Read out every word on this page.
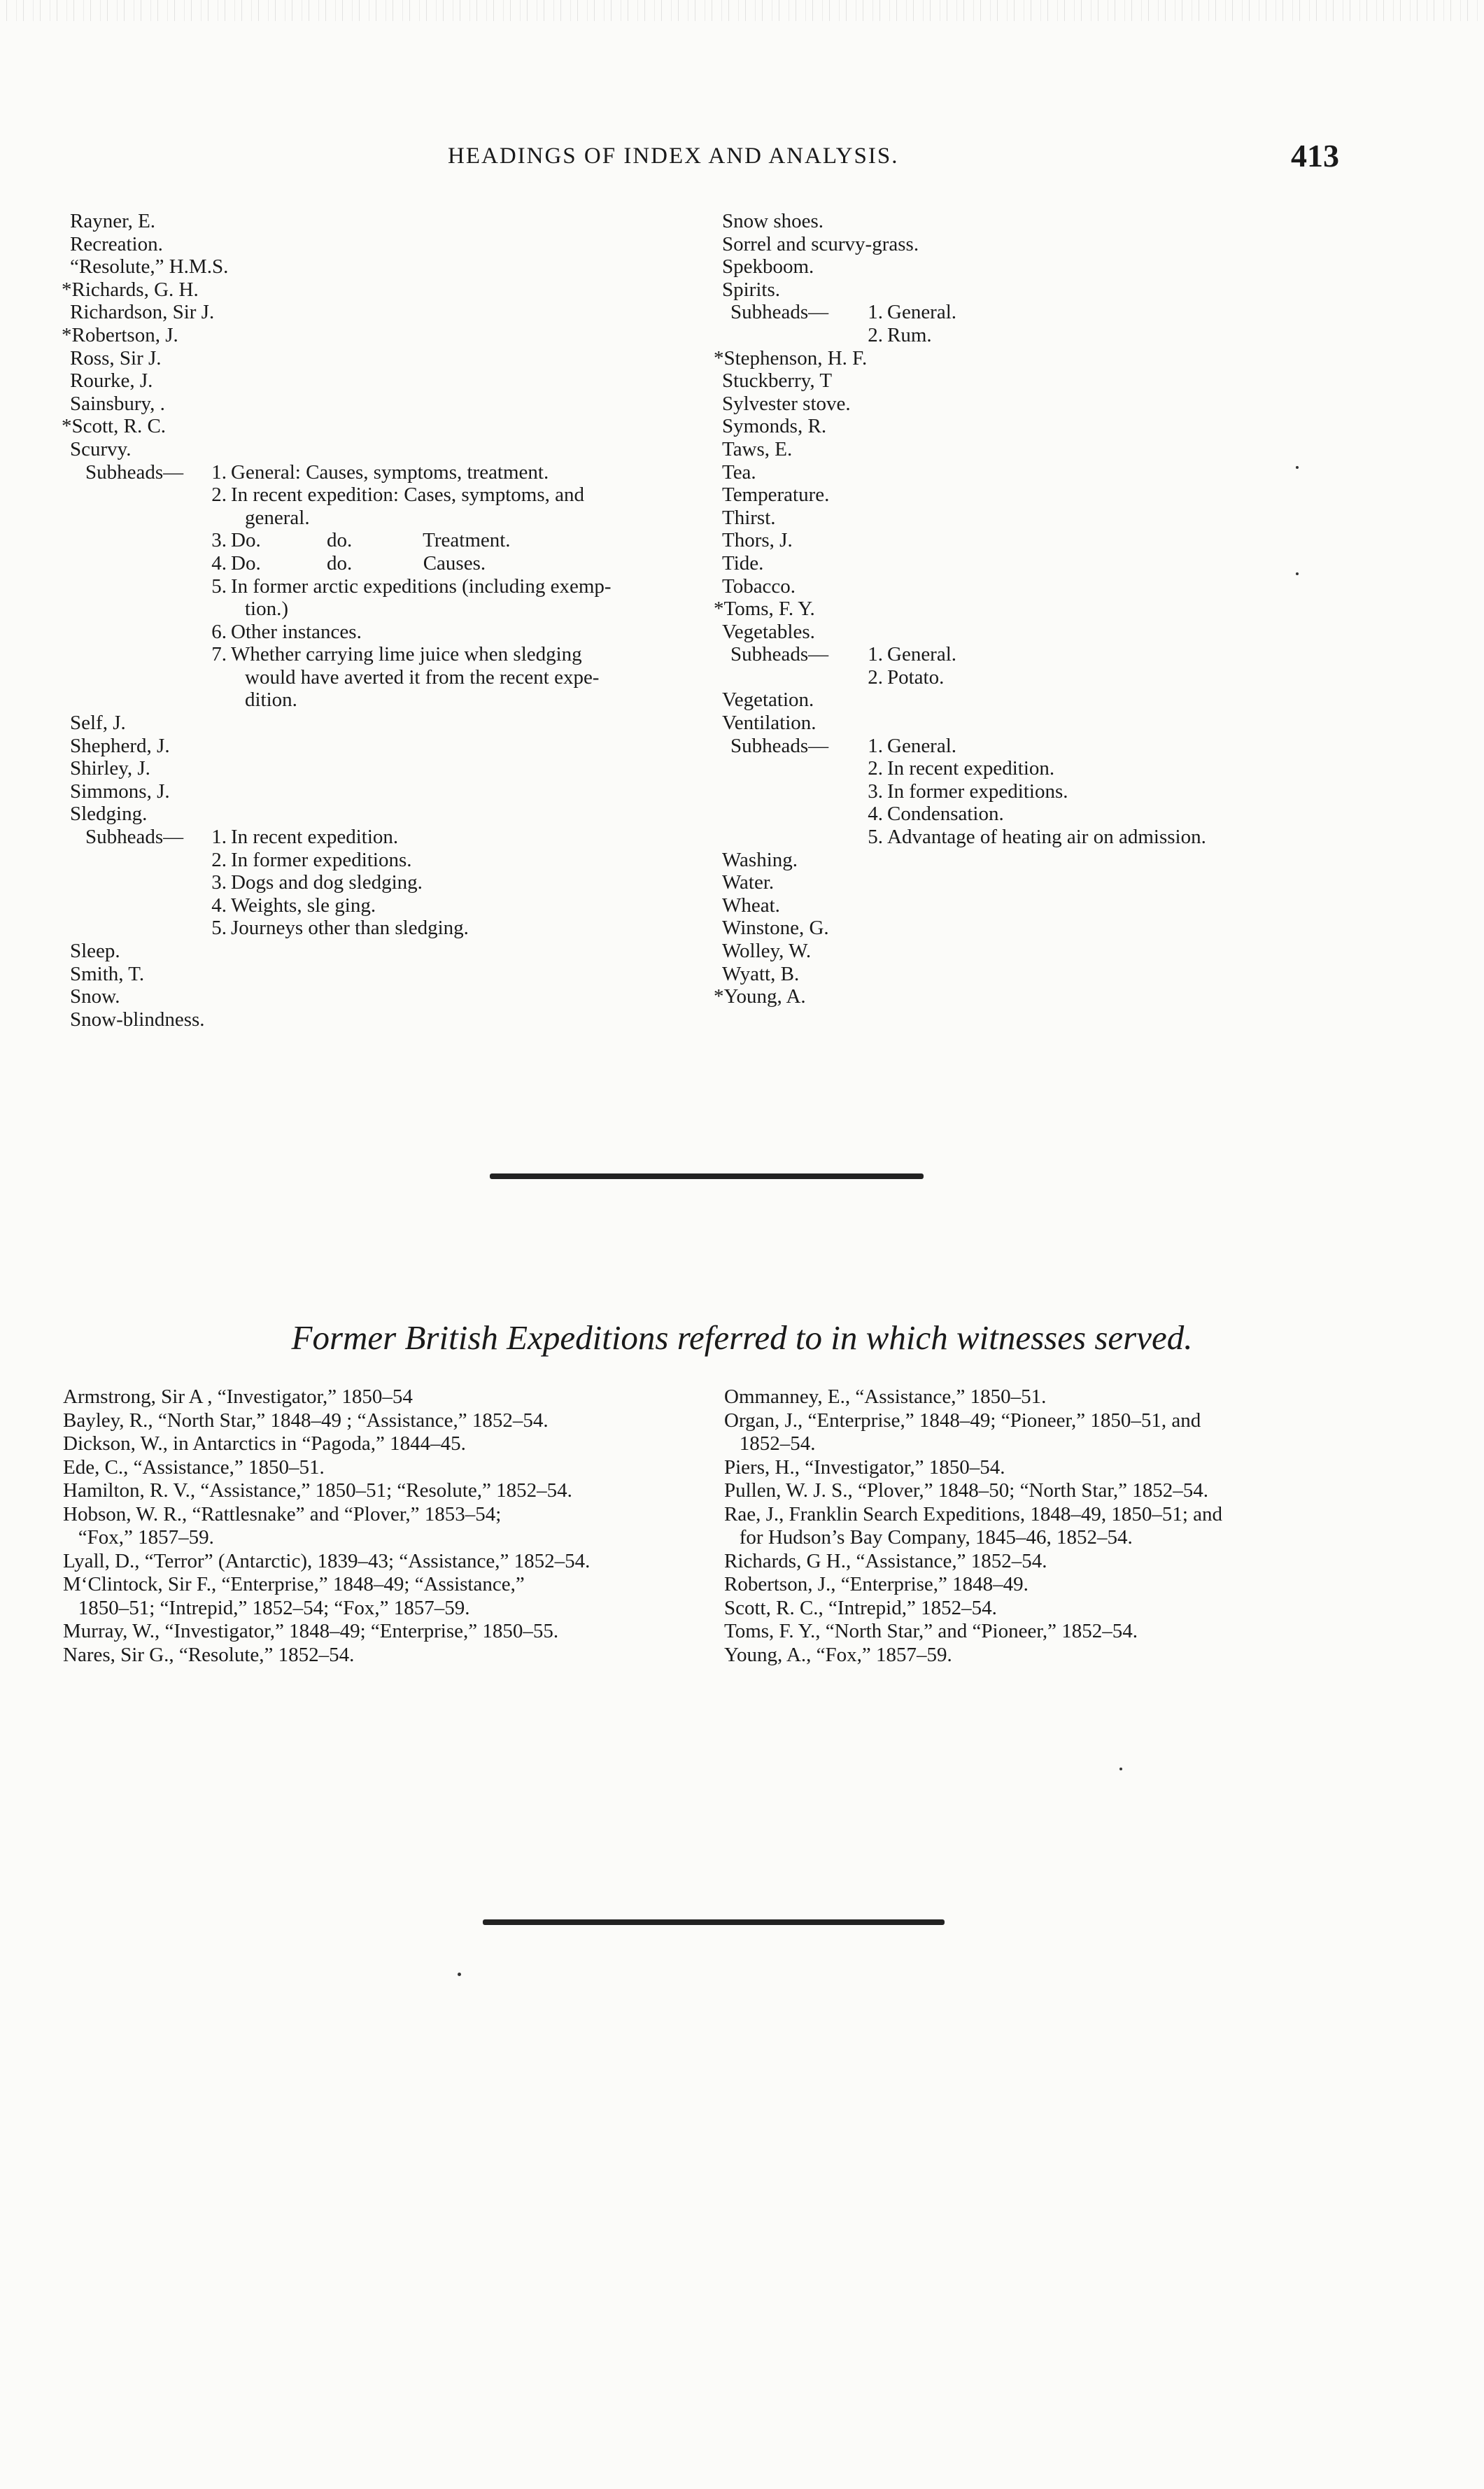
HEADINGS OF INDEX AND ANALYSIS.	413
Rayner, E.
Recreation.
“Resolute,” H.M.S.
*Richards, G. H.
Richardson, Sir J.
*Robertson, J.
Ross, Sir J.
Rourke, J.
Sainsbury, .
*Scott, R. C.
Scurvy.
Subheads—	1. General: Causes, symptoms, treatment.
2. In recent expedition: Cases, symptoms, and
general.
3. Do.             do.              Treatment.
4. Do.             do.              Causes.
5. In former arctic expeditions (including exemp-
tion.)
6. Other instances.
7. Whether carrying lime juice when sledging
would have averted it from the recent expe-
dition.
Self, J.
Shepherd, J.
Shirley, J.
Simmons, J.
Sledging.
Subheads—	1. In recent expedition.
2. In former expeditions.
3. Dogs and dog sledging.
4. Weights, sle ging.
5. Journeys other than sledging.
Sleep.
Smith, T.
Snow.
Snow-blindness.
Snow shoes.
Sorrel and scurvy-grass.
Spekboom.
Spirits.
Subheads—	1. General.
2. Rum.
*Stephenson, H. F.
Stuckberry, T
Sylvester stove.
Symonds, R.
Taws, E.
Tea.
Temperature.
Thirst.
Thors, J.
Tide.
Tobacco.
*Toms, F. Y.
Vegetables.
Subheads—	1. General.
2. Potato.
Vegetation.
Ventilation.
Subheads—	1. General.
2. In recent expedition.
3. In former expeditions.
4. Condensation.
5. Advantage of heating air on admission.
Washing.
Water.
Wheat.
Winstone, G.
Wolley, W.
Wyatt, B.
*Young, A.
Former British Expeditions referred to in which witnesses served.
Armstrong, Sir A , “Investigator,” 1850–54
Bayley, R., “North Star,” 1848–49 ; “Assistance,” 1852–54.
Dickson, W., in Antarctics in “Pagoda,” 1844–45.
Ede, C., “Assistance,” 1850–51.
Hamilton, R. V., “Assistance,” 1850–51; “Resolute,” 1852–54.
Hobson, W. R., “Rattlesnake” and “Plover,” 1853–54;
“Fox,” 1857–59.
Lyall, D., “Terror” (Antarctic), 1839–43; “Assistance,” 1852–54.
M‘Clintock, Sir F., “Enterprise,” 1848–49; “Assistance,”
1850–51; “Intrepid,” 1852–54; “Fox,” 1857–59.
Murray, W., “Investigator,” 1848–49; “Enterprise,” 1850–55.
Nares, Sir G., “Resolute,” 1852–54.
Ommanney, E., “Assistance,” 1850–51.
Organ, J., “Enterprise,” 1848–49; “Pioneer,” 1850–51, and
1852–54.
Piers, H., “Investigator,” 1850–54.
Pullen, W. J. S., “Plover,” 1848–50; “North Star,” 1852–54.
Rae, J., Franklin Search Expeditions, 1848–49, 1850–51; and
for Hudson’s Bay Company, 1845–46, 1852–54.
Richards, G H., “Assistance,” 1852–54.
Robertson, J., “Enterprise,” 1848–49.
Scott, R. C., “Intrepid,” 1852–54.
Toms, F. Y., “North Star,” and “Pioneer,” 1852–54.
Young, A., “Fox,” 1857–59.
